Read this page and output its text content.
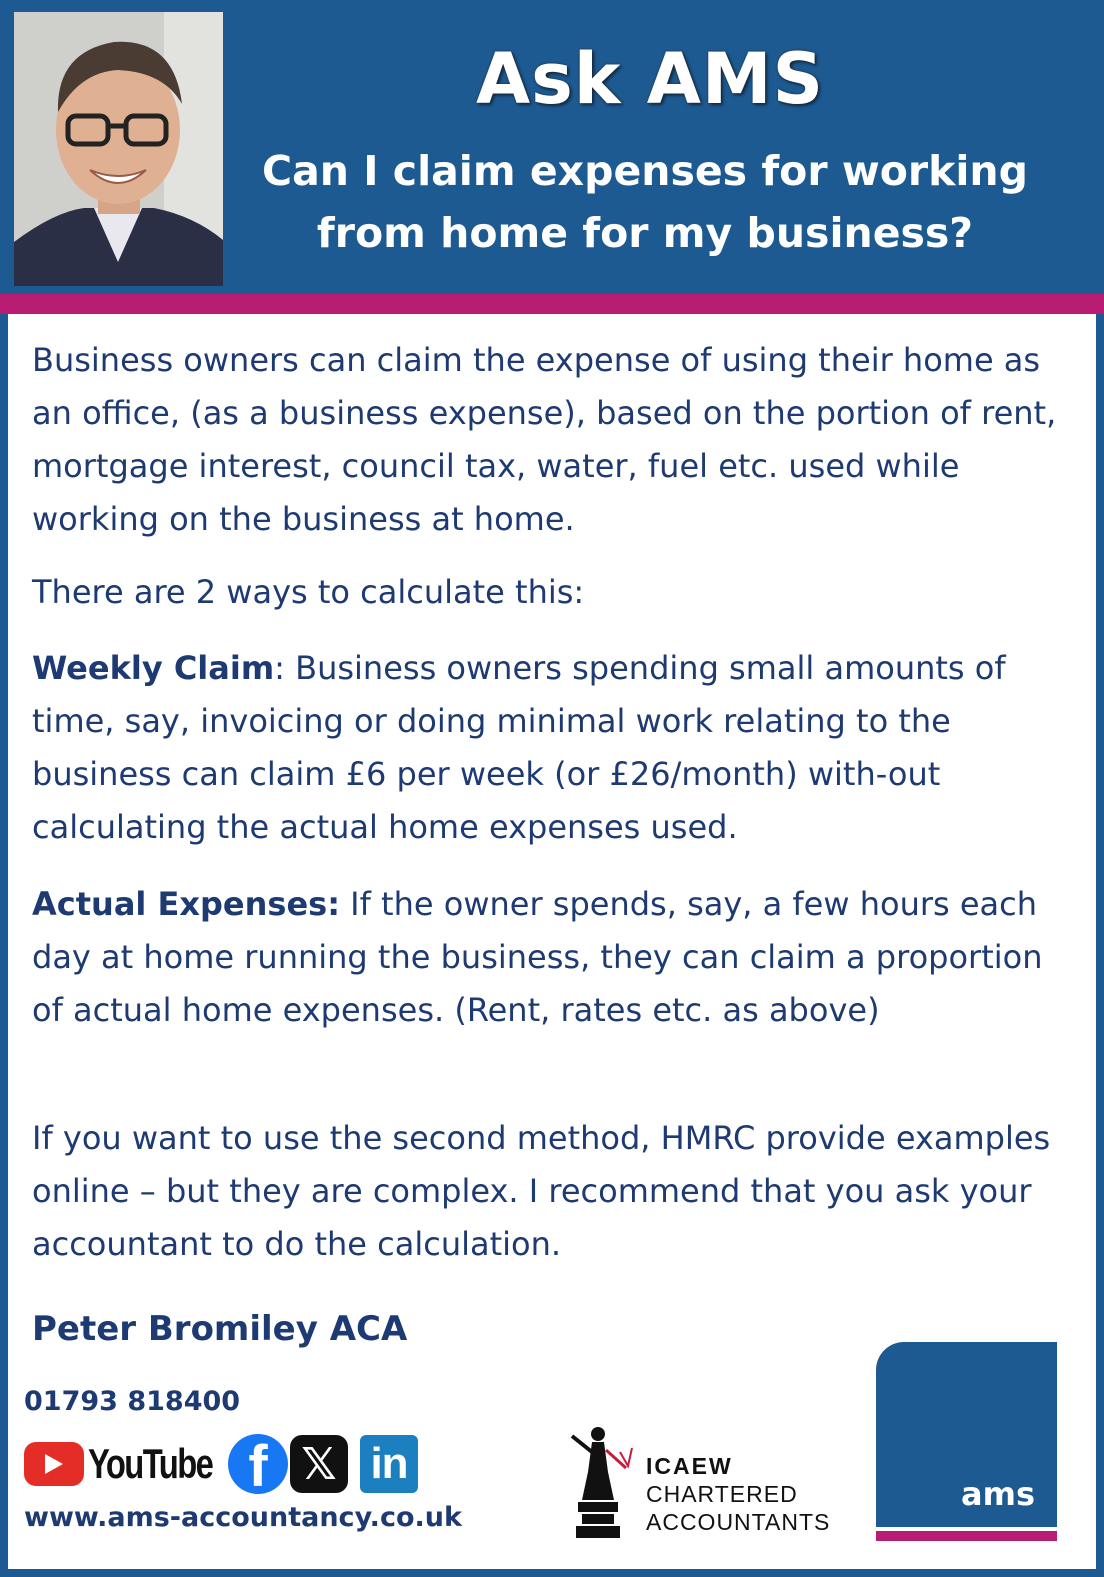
Ask AMS
Can I claim expenses for working from home for my business?

Business owners can claim the expense of using their home as an office, (as a business expense), based on the portion of rent, mortgage interest, council tax, water, fuel etc. used while working on the business at home.

There are 2 ways to calculate this:

Weekly Claim: Business owners spending small amounts of time, say, invoicing or doing minimal work relating to the business can claim £6 per week (or £26/month) with-out calculating the actual home expenses used.

Actual Expenses: If the owner spends, say, a few hours each day at home running the business, they can claim a proportion of actual home expenses. (Rent, rates etc. as above)

If you want to use the second method, HMRC provide examples online – but they are complex. I recommend that you ask your accountant to do the calculation.

Peter Bromiley ACA

01793 818400

YouTube f 𝕏 in

www.ams-accountancy.co.uk

ICAEW
CHARTERED
ACCOUNTANTS
ams
